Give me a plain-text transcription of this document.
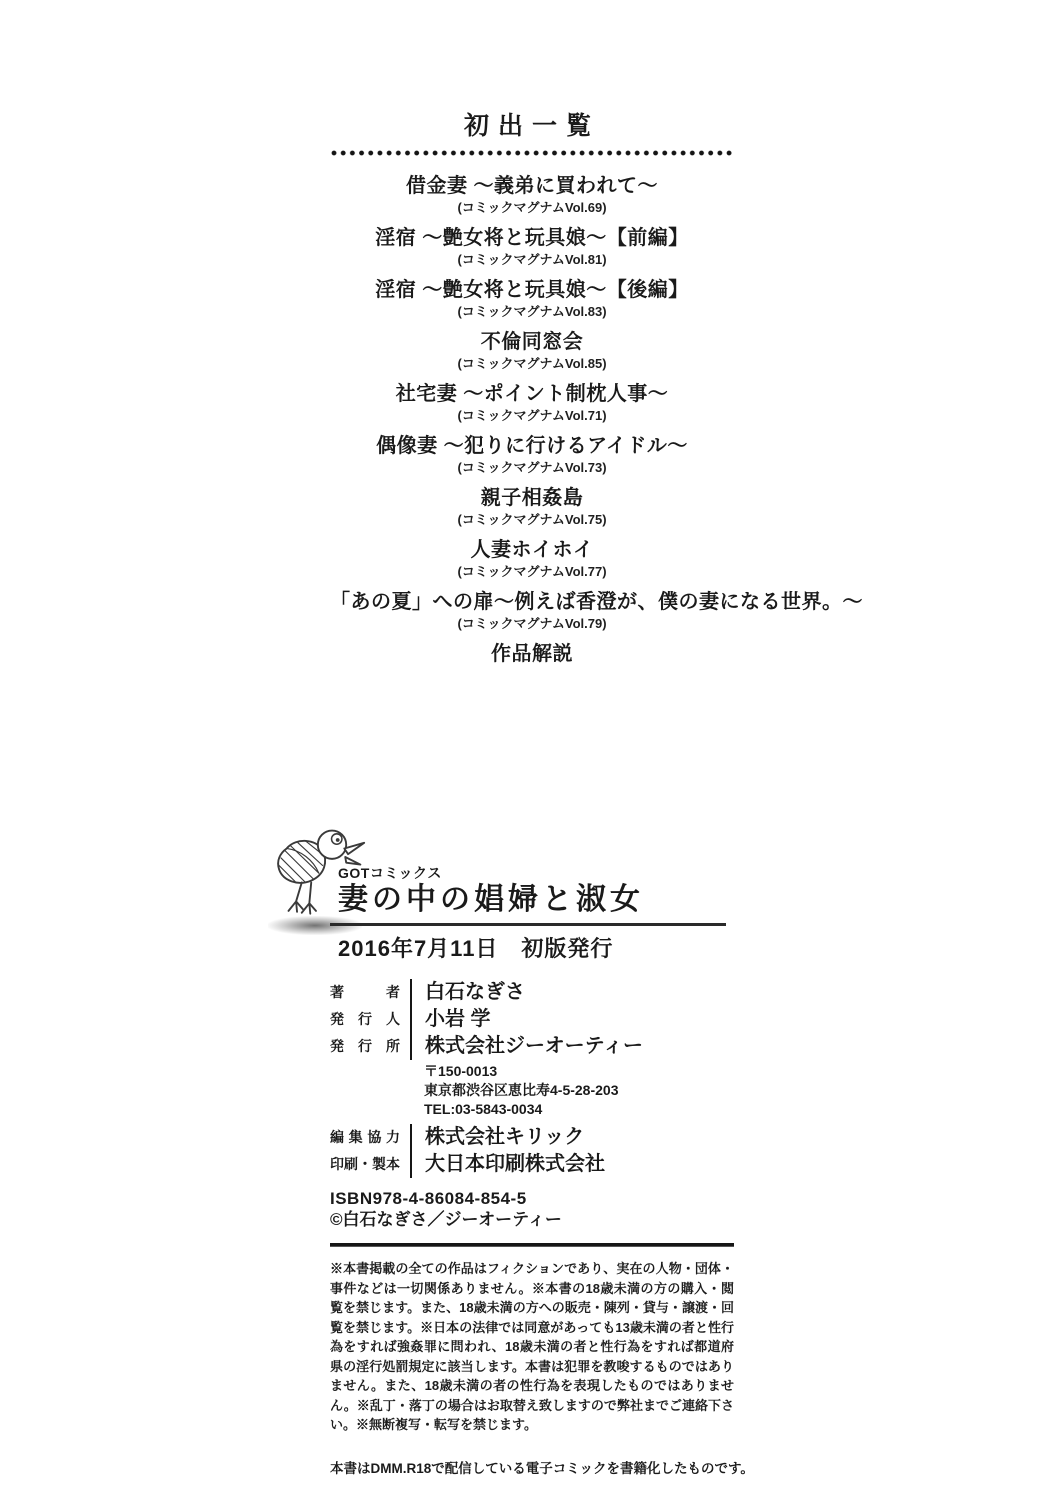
初出一覧
借金妻 ～義弟に買われて～
(コミックマグナムVol.69)
淫宿 ～艶女将と玩具娘～【前編】
(コミックマグナムVol.81)
淫宿 ～艶女将と玩具娘～【後編】
(コミックマグナムVol.83)
不倫同窓会
(コミックマグナムVol.85)
社宅妻 ～ポイント制枕人事～
(コミックマグナムVol.71)
偶像妻 ～犯りに行けるアイドル～
(コミックマグナムVol.73)
親子相姦島
(コミックマグナムVol.75)
人妻ホイホイ
(コミックマグナムVol.77)
「あの夏」への扉～例えば香澄が、僕の妻になる世界。～
(コミックマグナムVol.79)
作品解説
GOTコミックス
妻の中の娼婦と淑女
2016年7月11日　初版発行
著者
発行人
発行所
白石なぎさ
小岩 学
株式会社ジーオーティー
〒150-0013
東京都渋谷区恵比寿4-5-28-203
TEL:03-5843-0034
編集協力
印刷・製本
株式会社キリック
大日本印刷株式会社
ISBN978-4-86084-854-5
©白石なぎさ／ジーオーティー
※本書掲載の全ての作品はフィクションであり、実在の人物・団体・事件などは一切関係ありません。※本書の18歳未満の方の購入・閲覧を禁じます。また、18歳未満の方への販売・陳列・貸与・譲渡・回覧を禁じます。※日本の法律では同意があっても13歳未満の者と性行為をすれば強姦罪に問われ、18歳未満の者と性行為をすれば都道府県の淫行処罰規定に該当します。本書は犯罪を教唆するものではありません。また、18歳未満の者の性行為を表現したものではありません。※乱丁・落丁の場合はお取替え致しますので弊社までご連絡下さい。※無断複写・転写を禁じます。
本書はDMM.R18で配信している電子コミックを書籍化したものです。
